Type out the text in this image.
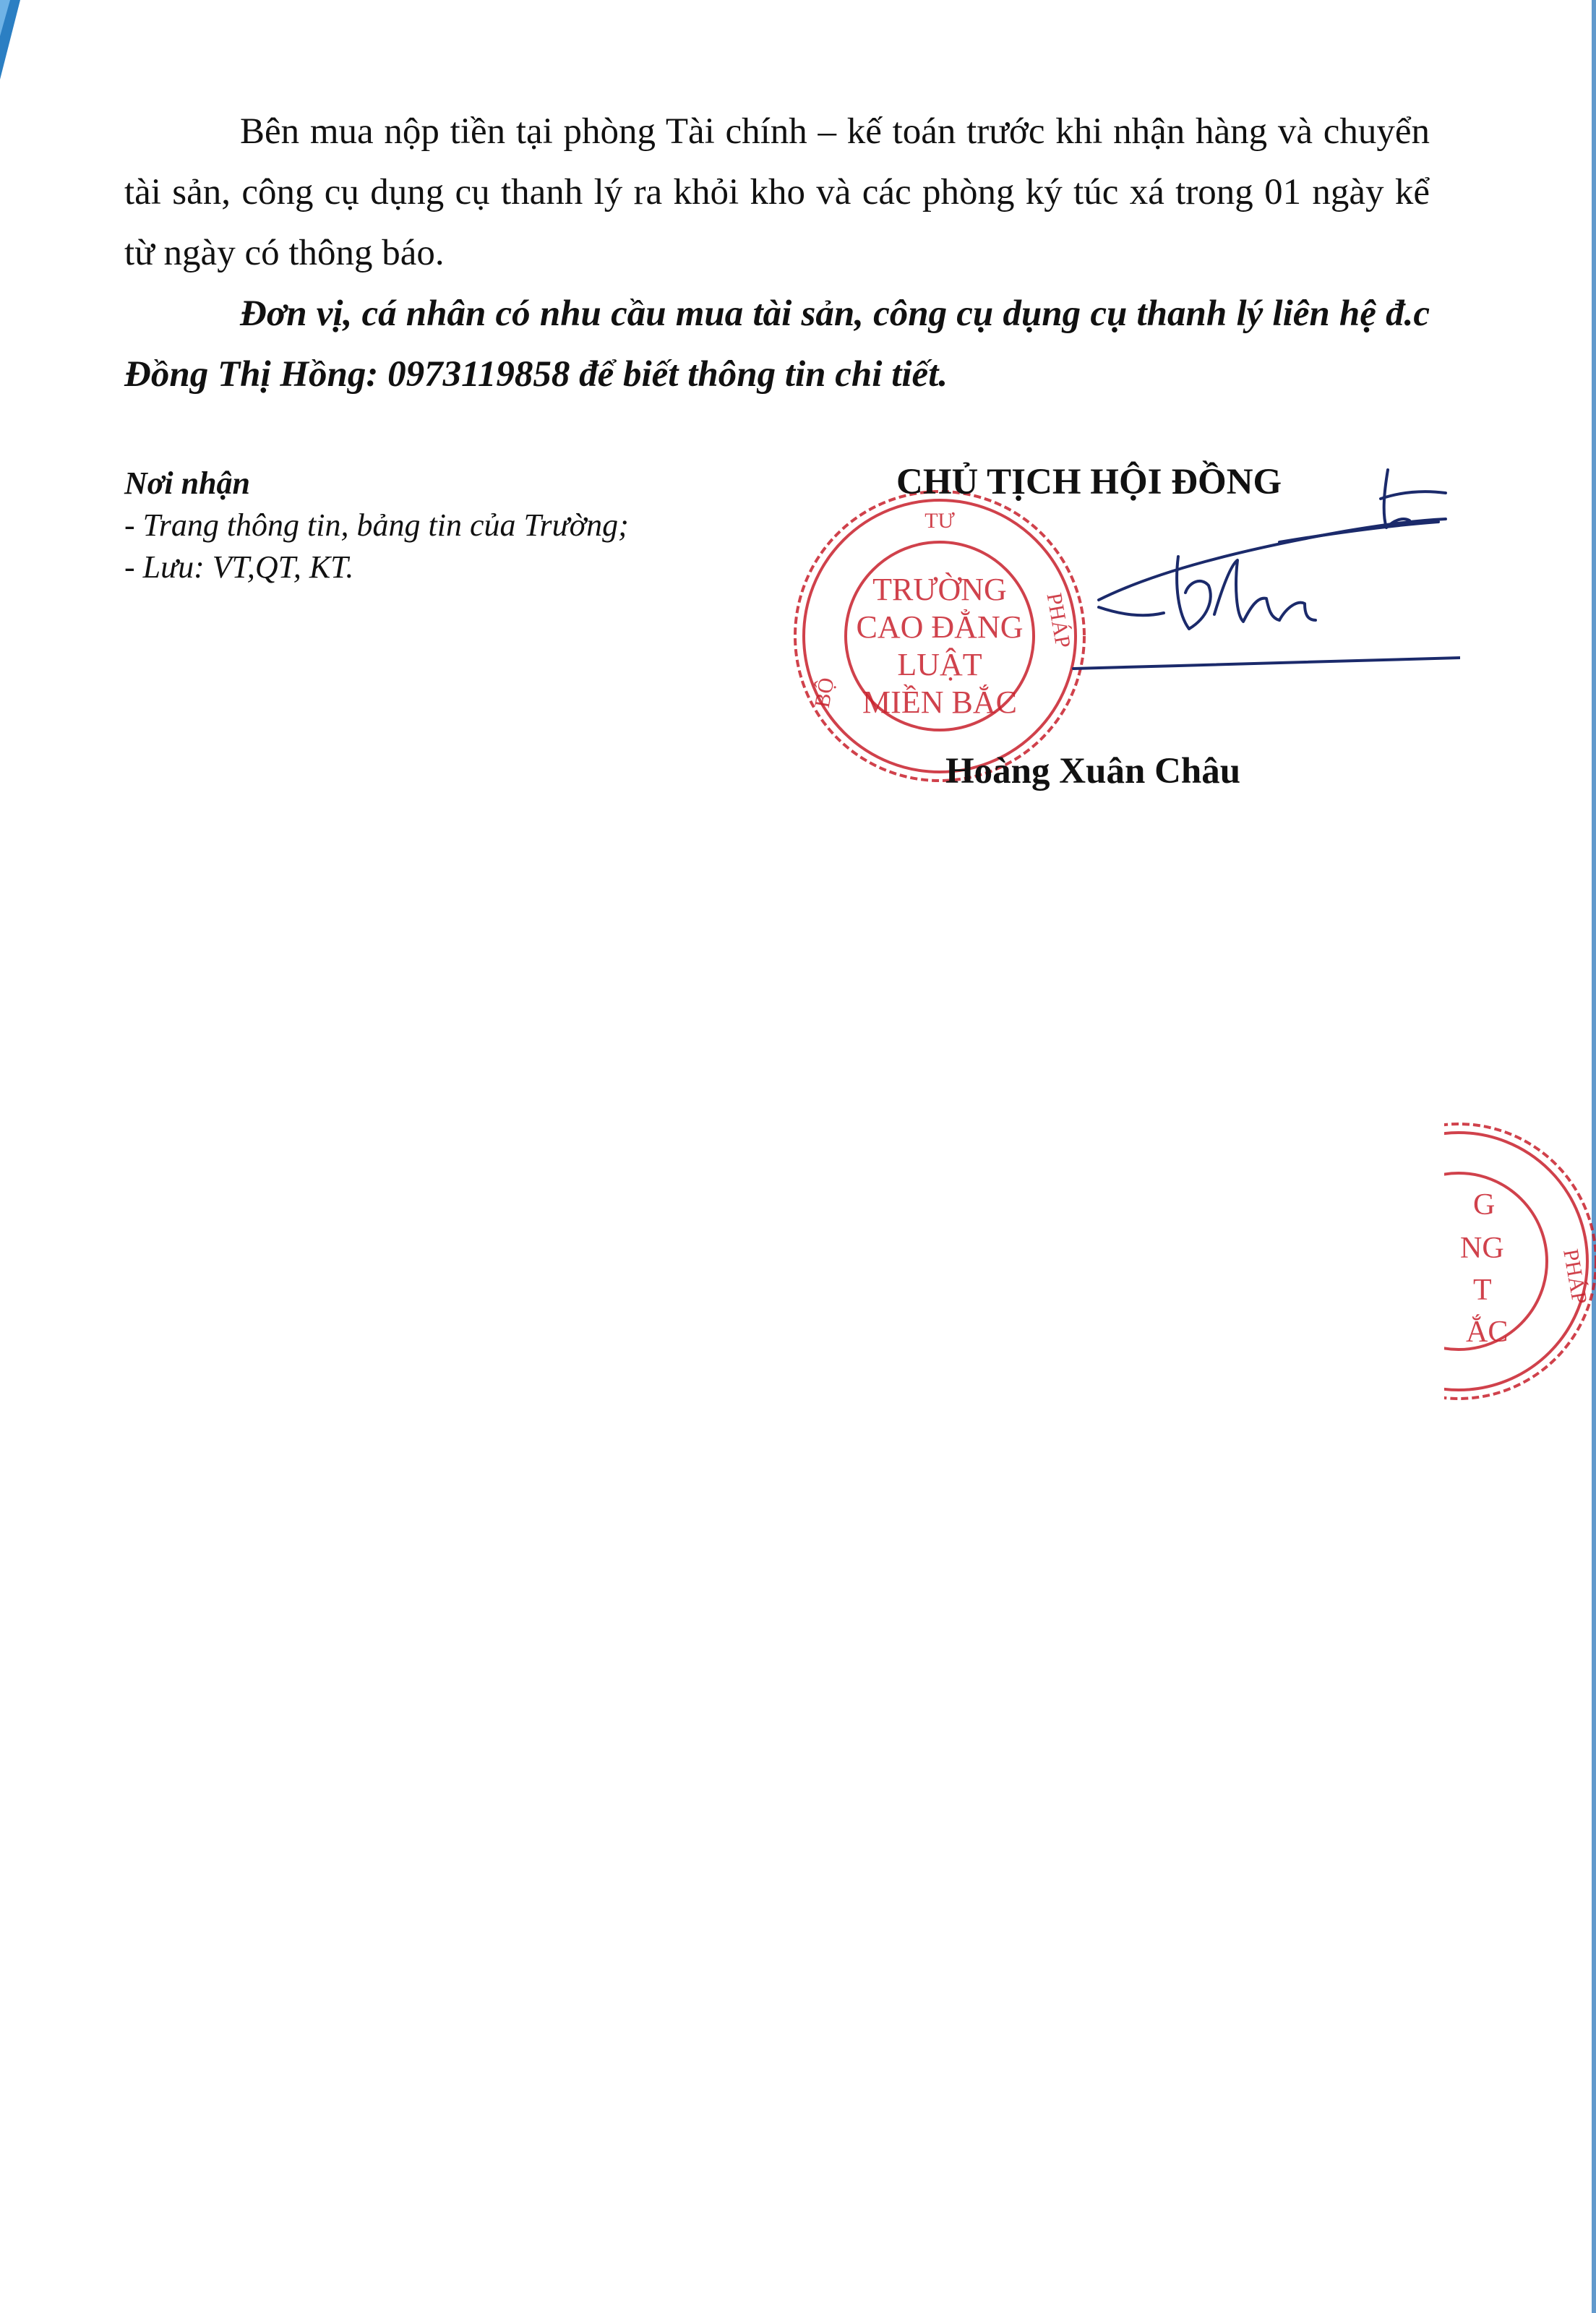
Bên mua nộp tiền tại phòng Tài chính – kế toán trước khi nhận hàng và chuyển tài sản, công cụ dụng cụ thanh lý ra khỏi kho và các phòng ký túc xá trong 01 ngày kể từ ngày có thông báo.

Đơn vị, cá nhân có nhu cầu mua tài sản, công cụ dụng cụ thanh lý liên hệ đ.c Đồng Thị Hồng: 0973119858 để biết thông tin chi tiết.

Nơi nhận
- Trang thông tin, bảng tin của Trường;
- Lưu: VT,QT, KT.
TƯ
BỘ
PHÁP
TRƯỜNG
CAO ĐẲNG
LUẬT
MIỀN BẮC
CHỦ TỊCH HỘI ĐỒNG
Hoàng Xuân Châu
G
NG
T
ẮC
PHÁP
